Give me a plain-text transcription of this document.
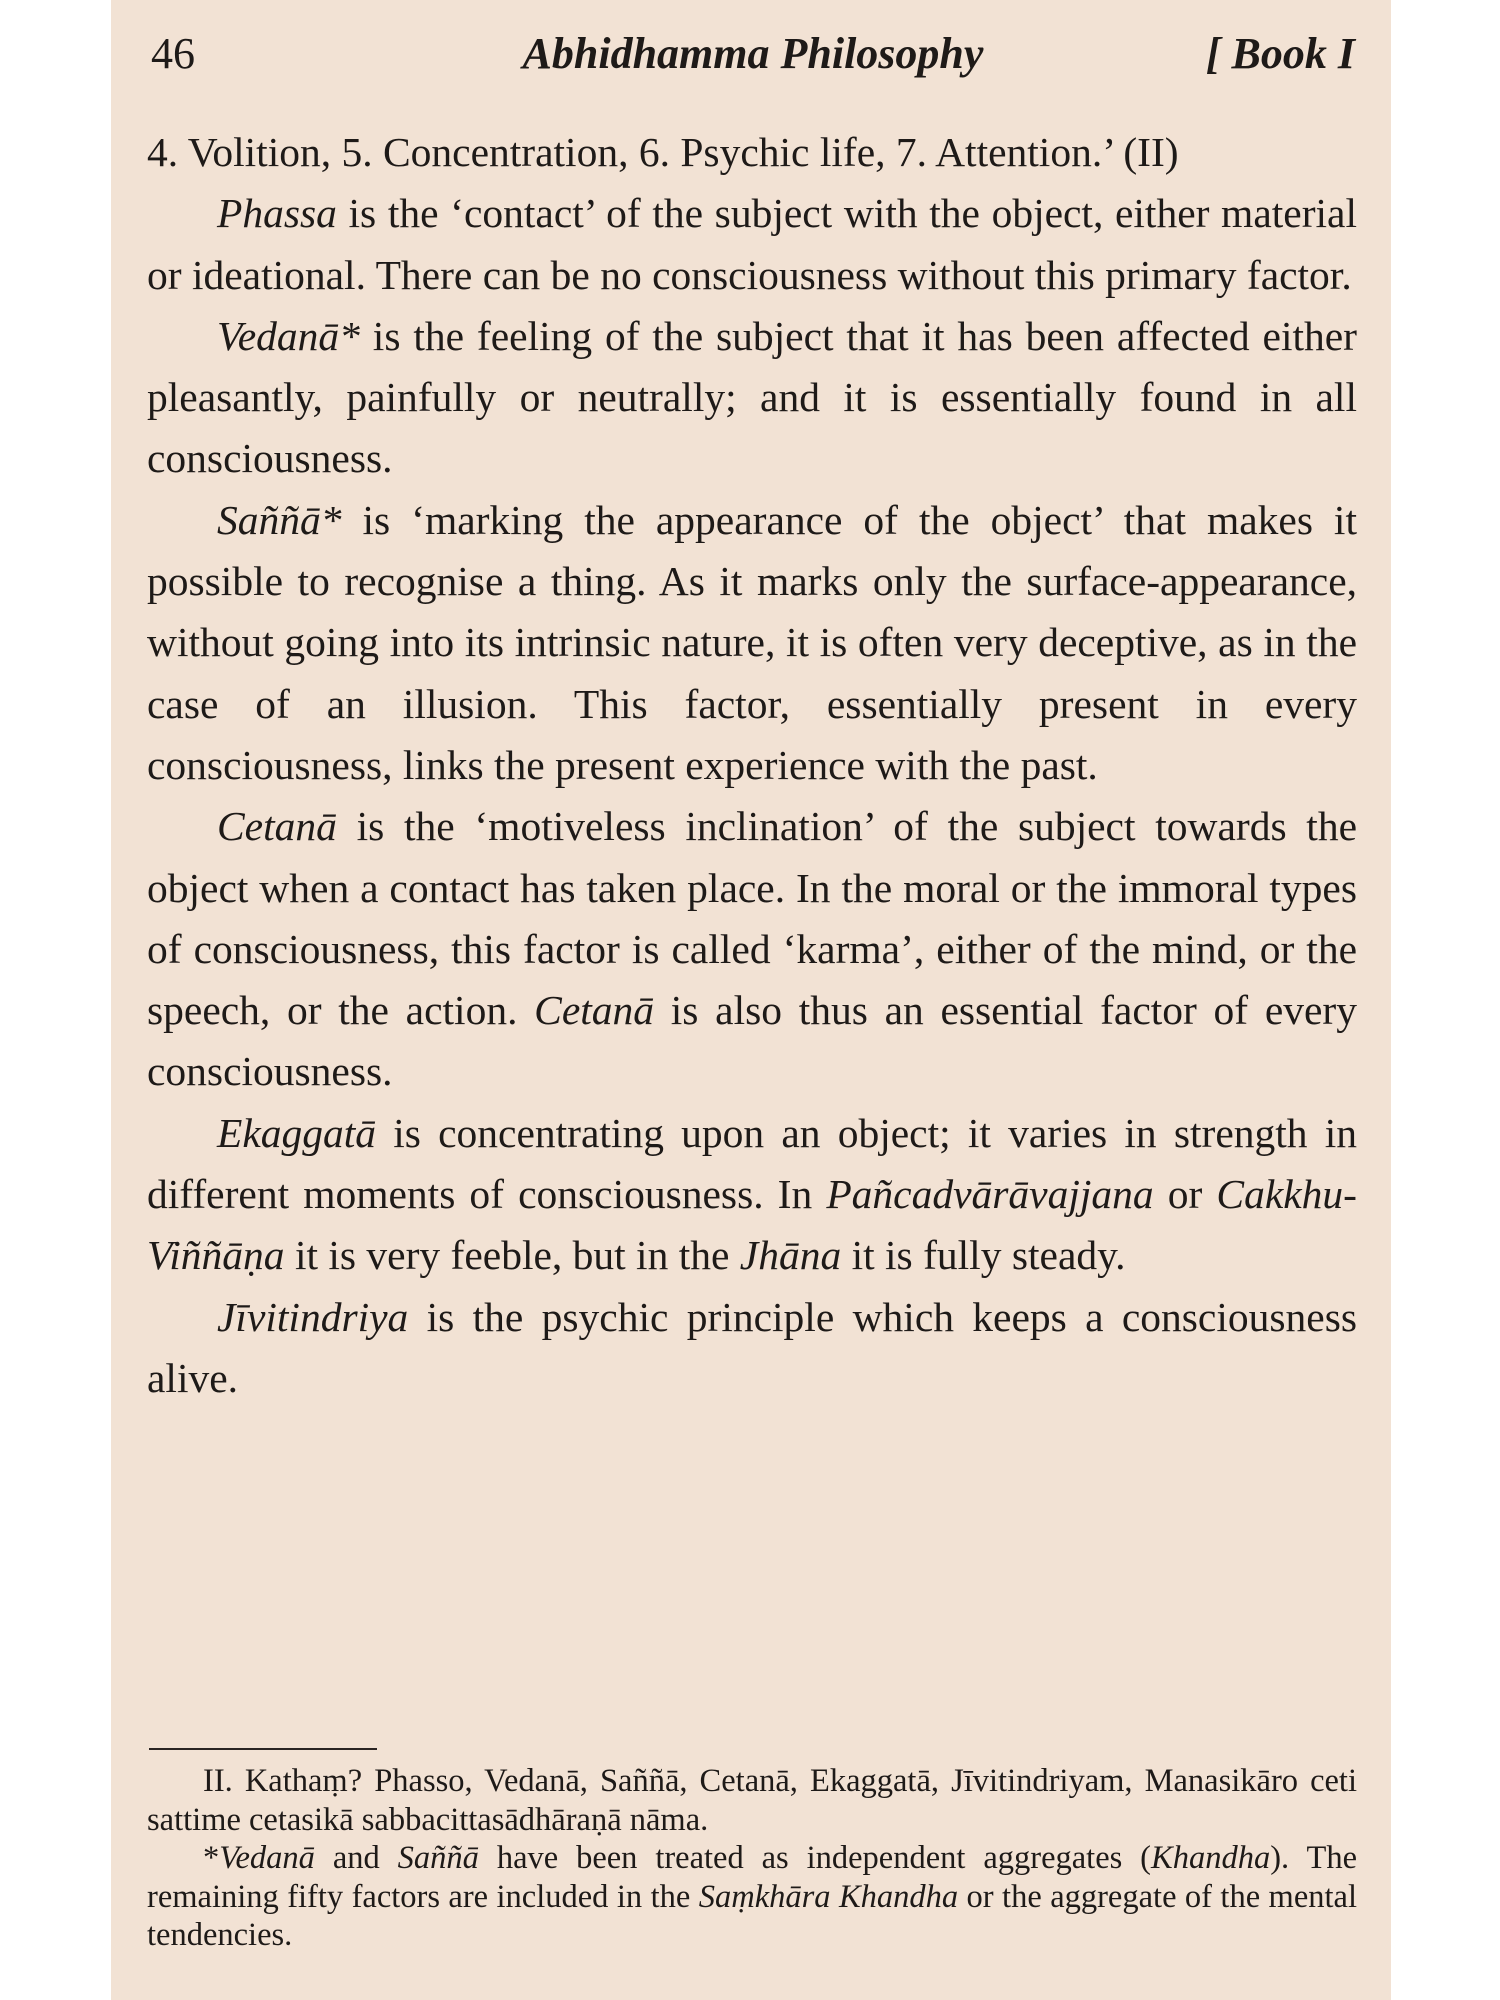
46	Abhidhamma Philosophy	[ Book I

4. Volition, 5. Concentration, 6. Psychic life, 7. Attention.’ (II)

Phassa is the ‘contact’ of the subject with the object, either material or ideational. There can be no consciousness without this primary factor.

Vedanā* is the feeling of the subject that it has been affected either pleasantly, painfully or neutrally; and it is essentially found in all consciousness.

Saññā* is ‘marking the appearance of the object’ that makes it possible to recognise a thing. As it marks only the surface-appearance, without going into its intrinsic nature, it is often very deceptive, as in the case of an illusion. This factor, essentially present in every consciousness, links the present experience with the past.

Cetanā is the ‘motiveless inclination’ of the subject towards the object when a contact has taken place. In the moral or the immoral types of consciousness, this factor is called ‘karma’, either of the mind, or the speech, or the action. Cetanā is also thus an essential factor of every consciousness.

Ekaggatā is concentrating upon an object; it varies in strength in different moments of consciousness. In Pañcadvārāvajjana or Cakkhu-Viññāṇa it is very feeble, but in the Jhāna it is fully steady.

Jīvitindriya is the psychic principle which keeps a consciousness alive.

II. Kathaṃ? Phasso, Vedanā, Saññā, Cetanā, Ekaggatā, Jīvitindriyam, Manasikāro ceti sattime cetasikā sabbacittasādhāraṇā nāma.

*Vedanā and Saññā have been treated as independent aggregates (Khandha). The remaining fifty factors are included in the Saṃkhāra Khandha or the aggregate of the mental tendencies.
